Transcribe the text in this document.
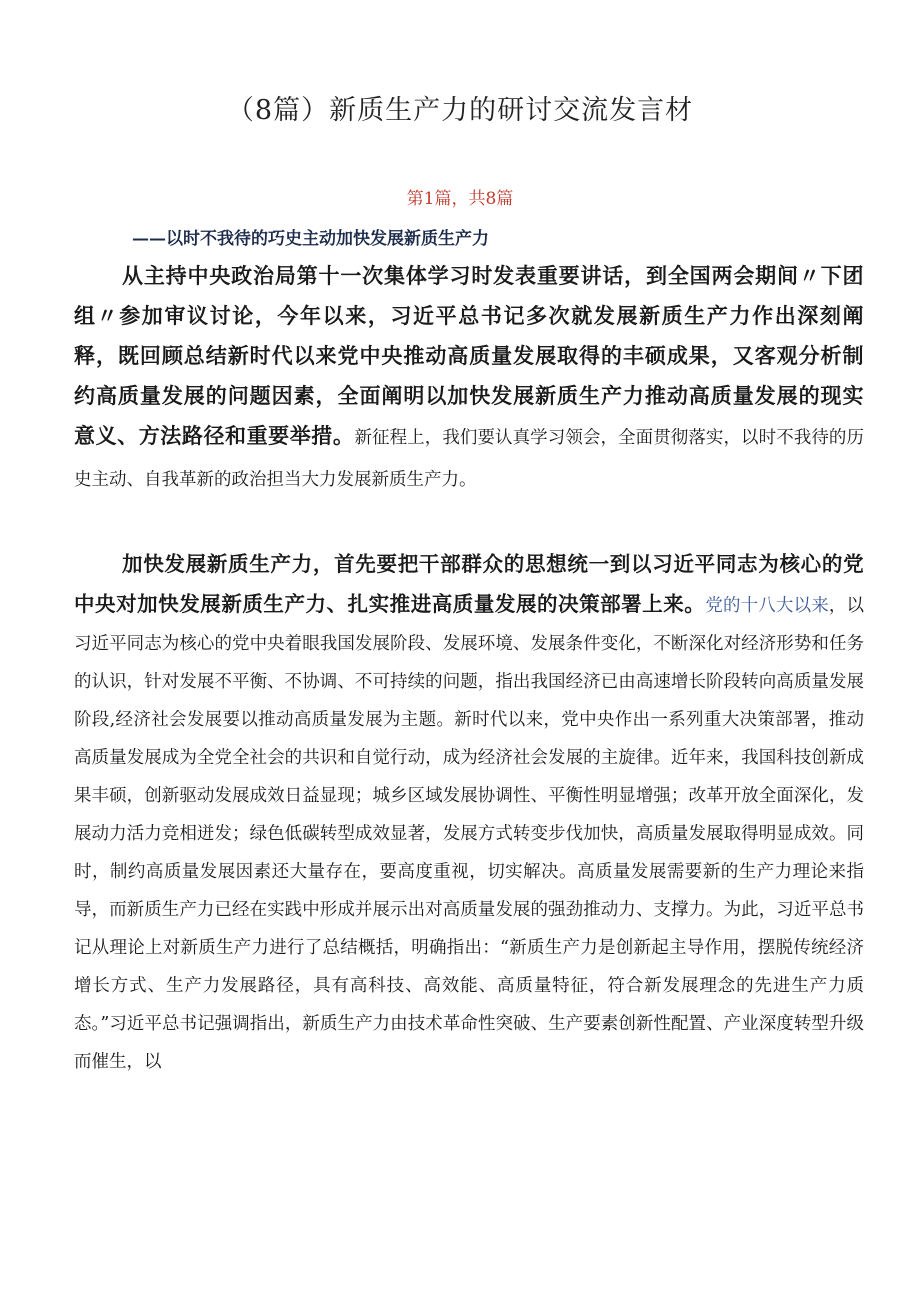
（8篇）新质生产力的研讨交流发言材
第1篇，共8篇
——以时不我待的巧史主动加快发展新质生产力

从主持中央政治局第十一次集体学习时发表重要讲话，到全国两会期间〃下团组〃参加审议讨论，今年以来，习近平总书记多次就发展新质生产力作出深刻阐释，既回顾总结新时代以来党中央推动高质量发展取得的丰硕成果，又客观分析制约高质量发展的问题因素，全面阐明以加快发展新质生产力推动高质量发展的现实意义、方法路径和重要举措。新征程上，我们要认真学习领会，全面贯彻落实，以时不我待的历史主动、自我革新的政治担当大力发展新质生产力。

加快发展新质生产力，首先要把干部群众的思想统一到以习近平同志为核心的党中央对加快发展新质生产力、扎实推进高质量发展的决策部署上来。党的十八大以来，以习近平同志为核心的党中央着眼我国发展阶段、发展环境、发展条件变化，不断深化对经济形势和任务的认识，针对发展不平衡、不协调、不可持续的问题，指出我国经济已由高速增长阶段转向高质量发展阶段,经济社会发展要以推动高质量发展为主题。新时代以来，党中央作出一系列重大决策部署，推动高质量发展成为全党全社会的共识和自觉行动，成为经济社会发展的主旋律。近年来，我国科技创新成果丰硕，创新驱动发展成效日益显现；城乡区域发展协调性、平衡性明显增强；改革开放全面深化，发展动力活力竞相迸发；绿色低碳转型成效显著，发展方式转变步伐加快，高质量发展取得明显成效。同时，制约高质量发展因素还大量存在，要高度重视，切实解决。高质量发展需要新的生产力理论来指导，而新质生产力已经在实践中形成并展示出对高质量发展的强劲推动力、支撑力。为此，习近平总书记从理论上对新质生产力进行了总结概括，明确指出：“新质生产力是创新起主导作用，摆脱传统经济增长方式、生产力发展路径，具有高科技、高效能、高质量特征，符合新发展理念的先进生产力质态。”习近平总书记强调指出，新质生产力由技术革命性突破、生产要素创新性配置、产业深度转型升级而催生，以
